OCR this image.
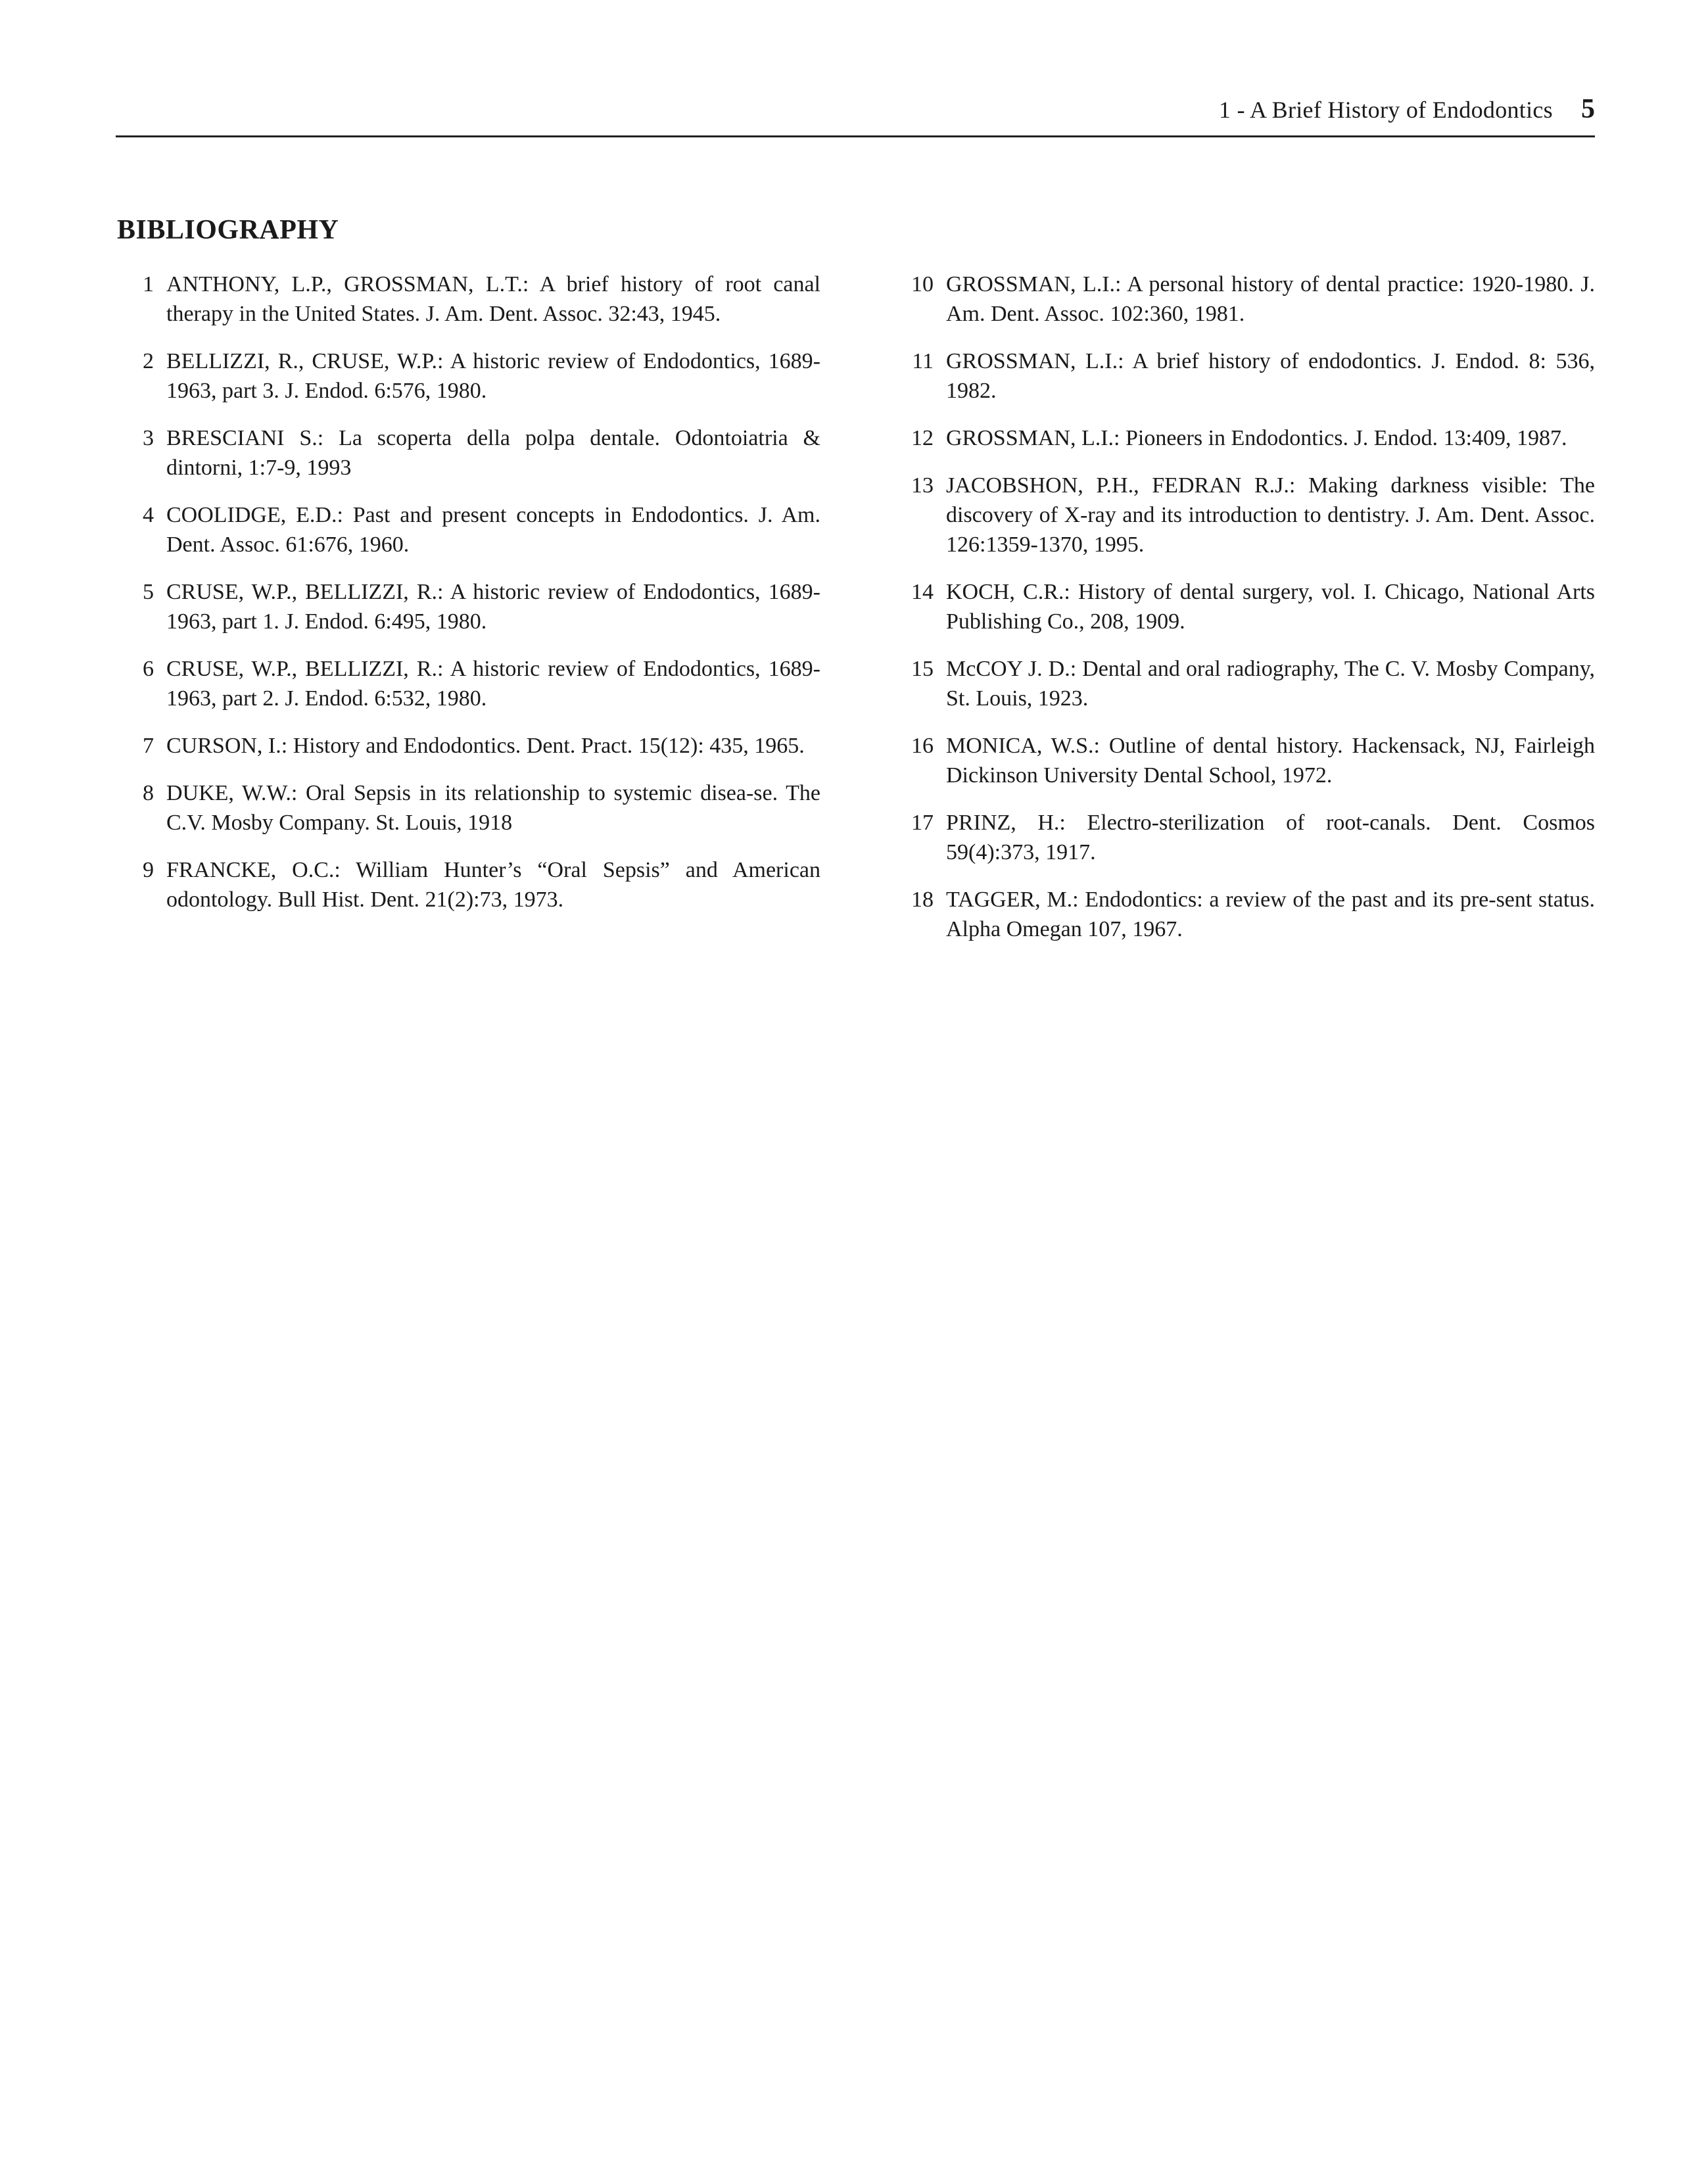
1 - A Brief History of Endodontics 5
BIBLIOGRAPHY
1 ANTHONY, L.P., GROSSMAN, L.T.: A brief history of root canal therapy in the United States. J. Am. Dent. Assoc. 32:43, 1945.
2 BELLIZZI, R., CRUSE, W.P.: A historic review of Endodontics, 1689-1963, part 3. J. Endod. 6:576, 1980.
3 BRESCIANI S.: La scoperta della polpa dentale. Odontoiatria & dintorni, 1:7-9, 1993
4 COOLIDGE, E.D.: Past and present concepts in Endodontics. J. Am. Dent. Assoc. 61:676, 1960.
5 CRUSE, W.P., BELLIZZI, R.: A historic review of Endodontics, 1689-1963, part 1. J. Endod. 6:495, 1980.
6 CRUSE, W.P., BELLIZZI, R.: A historic review of Endodontics, 1689-1963, part 2. J. Endod. 6:532, 1980.
7 CURSON, I.: History and Endodontics. Dent. Pract. 15(12): 435, 1965.
8 DUKE, W.W.: Oral Sepsis in its relationship to systemic disea-se. The C.V. Mosby Company. St. Louis, 1918
9 FRANCKE, O.C.: William Hunter’s “Oral Sepsis” and American odontology. Bull Hist. Dent. 21(2):73, 1973.
10 GROSSMAN, L.I.: A personal history of dental practice: 1920-1980. J. Am. Dent. Assoc. 102:360, 1981.
11 GROSSMAN, L.I.: A brief history of endodontics. J. Endod. 8: 536, 1982.
12 GROSSMAN, L.I.: Pioneers in Endodontics. J. Endod. 13:409, 1987.
13 JACOBSHON, P.H., FEDRAN R.J.: Making darkness visible: The discovery of X-ray and its introduction to dentistry. J. Am. Dent. Assoc. 126:1359-1370, 1995.
14 KOCH, C.R.: History of dental surgery, vol. I. Chicago, National Arts Publishing Co., 208, 1909.
15 McCOY J. D.: Dental and oral radiography, The C. V. Mosby Company, St. Louis, 1923.
16 MONICA, W.S.: Outline of dental history. Hackensack, NJ, Fairleigh Dickinson University Dental School, 1972.
17 PRINZ, H.: Electro-sterilization of root-canals. Dent. Cosmos 59(4):373, 1917.
18 TAGGER, M.: Endodontics: a review of the past and its pre-sent status. Alpha Omegan 107, 1967.
